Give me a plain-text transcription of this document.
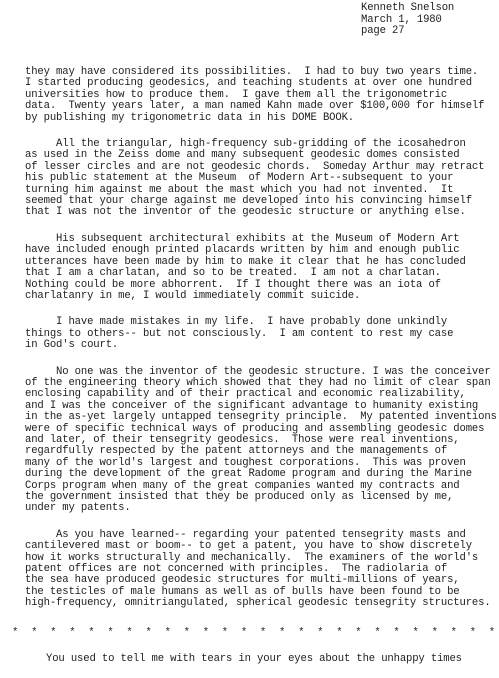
Kenneth Snelson
March 1, 1980
page 27
they may have considered its possibilities.  I had to buy two years time.
I started producing geodesics, and teaching students at over one hundred
universities how to produce them.  I gave them all the trigonometric
data.  Twenty years later, a man named Kahn made over $100,000 for himself
by publishing my trigonometric data in his DOME BOOK.
All the triangular, high-frequency sub-gridding of the icosahedron
as used in the Zeiss dome and many subsequent geodesic domes consisted
of lesser circles and are not geodesic chords.  Someday Arthur may retract
his public statement at the Museum  of Modern Art--subsequent to your
turning him against me about the mast which you had not invented.  It
seemed that your charge against me developed into his convincing himself
that I was not the inventor of the geodesic structure or anything else.
His subsequent architectural exhibits at the Museum of Modern Art
have included enough printed placards written by him and enough public
utterances have been made by him to make it clear that he has concluded
that I am a charlatan, and so to be treated.  I am not a charlatan.
Nothing could be more abhorrent.  If I thought there was an iota of
charlatanry in me, I would immediately commit suicide.
I have made mistakes in my life.  I have probably done unkindly
things to others-- but not consciously.  I am content to rest my case
in God's court.
No one was the inventor of the geodesic structure. I was the conceiver
of the engineering theory which showed that they had no limit of clear span
enclosing capability and of their practical and economic realizability,
and I was the conceiver of the significant advantage to humanity existing
in the as-yet largely untapped tensegrity principle.  My patented inventions
were of specific technical ways of producing and assembling geodesic domes
and later, of their tensegrity geodesics.  Those were real inventions,
regardfully respected by the patent attorneys and the managements of
many of the world's largest and toughest corporations.  This was proven
during the development of the great Radome program and during the Marine
Corps program when many of the great companies wanted my contracts and
the government insisted that they be produced only as licensed by me,
under my patents.
As you have learned-- regarding your patented tensegrity masts and
cantilevered mast or boom-- to get a patent, you have to show discretely
how it works structurally and mechanically.  The examiners of the world's
patent offices are not concerned with principles.  The radiolaria of
the sea have produced geodesic structures for multi-millions of years,
the testicles of male humans as well as of bulls have been found to be
high-frequency, omnitriangulated, spherical geodesic tensegrity structures.
*  *  *  *  *  *  *  *  *  *  *  *  *  *  *  *  *  *  *  *  *  *  *  *  *  *
You used to tell me with tears in your eyes about the unhappy times
